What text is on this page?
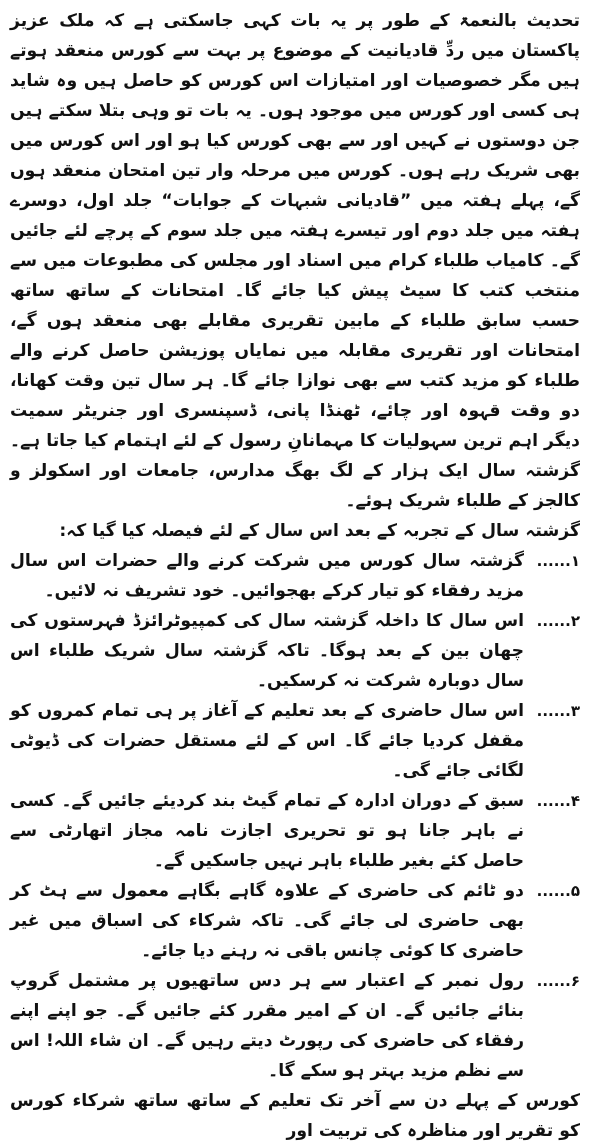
تحدیث بالنعمۃ کے طور پر یہ بات کہی جاسکتی ہے کہ ملک عزیز پاکستان میں ردِّ قادیانیت کے موضوع پر بہت سے کورس منعقد ہوتے ہیں مگر خصوصیات اور امتیازات اس کورس کو حاصل ہیں وہ شاید ہی کسی اور کورس میں موجود ہوں۔ یہ بات تو وہی بتلا سکتے ہیں جن دوستوں نے کہیں اور سے بھی کورس کیا ہو اور اس کورس میں بھی شریک رہے ہوں۔ کورس میں مرحلہ وار تین امتحان منعقد ہوں گے، پہلے ہفتہ میں ”قادیانی شبہات کے جوابات“ جلد اول، دوسرے ہفتہ میں جلد دوم اور تیسرے ہفتہ میں جلد سوم کے پرچے لئے جائیں گے۔ کامیاب طلباء کرام میں اسناد اور مجلس کی مطبوعات میں سے منتخب کتب کا سیٹ پیش کیا جائے گا۔ امتحانات کے ساتھ ساتھ حسب سابق طلباء کے مابین تقریری مقابلے بھی منعقد ہوں گے، امتحانات اور تقریری مقابلہ میں نمایاں پوزیشن حاصل کرنے والے طلباء کو مزید کتب سے بھی نوازا جائے گا۔ ہر سال تین وقت کھانا، دو وقت قہوہ اور چائے، ٹھنڈا پانی، ڈسپنسری اور جنریٹر سمیت دیگر اہم ترین سہولیات کا مہمانانِ رسول کے لئے اہتمام کیا جاتا ہے۔ گزشتہ سال ایک ہزار کے لگ بھگ مدارس، جامعات اور اسکولز و کالجز کے طلباء شریک ہوئے۔

گزشتہ سال کے تجربہ کے بعد اس سال کے لئے فیصلہ کیا گیا کہ:

۱......
گزشتہ سال کورس میں شرکت کرنے والے حضرات اس سال مزید رفقاء کو تیار کرکے بھجوائیں۔ خود تشریف نہ لائیں۔
۲......
اس سال کا داخلہ گزشتہ سال کی کمپیوٹرائزڈ فہرستوں کی چھان بین کے بعد ہوگا۔ تاکہ گزشتہ سال شریک طلباء اس سال دوبارہ شرکت نہ کرسکیں۔
۳......
اس سال حاضری کے بعد تعلیم کے آغاز پر ہی تمام کمروں کو مقفل کردیا جائے گا۔ اس کے لئے مستقل حضرات کی ڈیوٹی لگائی جائے گی۔
۴......
سبق کے دوران ادارہ کے تمام گیٹ بند کردیئے جائیں گے۔ کسی نے باہر جانا ہو تو تحریری اجازت نامہ مجاز اتھارٹی سے حاصل کئے بغیر طلباء باہر نہیں جاسکیں گے۔
۵......
دو ٹائم کی حاضری کے علاوہ گاہے بگاہے معمول سے ہٹ کر بھی حاضری لی جائے گی۔ تاکہ شرکاء کی اسباق میں غیر حاضری کا کوئی چانس باقی نہ رہنے دیا جائے۔
۶......
رول نمبر کے اعتبار سے ہر دس ساتھیوں پر مشتمل گروپ بنائے جائیں گے۔ ان کے امیر مقرر کئے جائیں گے۔ جو اپنے اپنے رفقاء کی حاضری کی رپورٹ دیتے رہیں گے۔ ان شاء اللہ! اس سے نظم مزید بہتر ہو سکے گا۔

کورس کے پہلے دن سے آخر تک تعلیم کے ساتھ ساتھ شرکاء کورس کو تقریر اور مناظرہ کی تربیت اور
